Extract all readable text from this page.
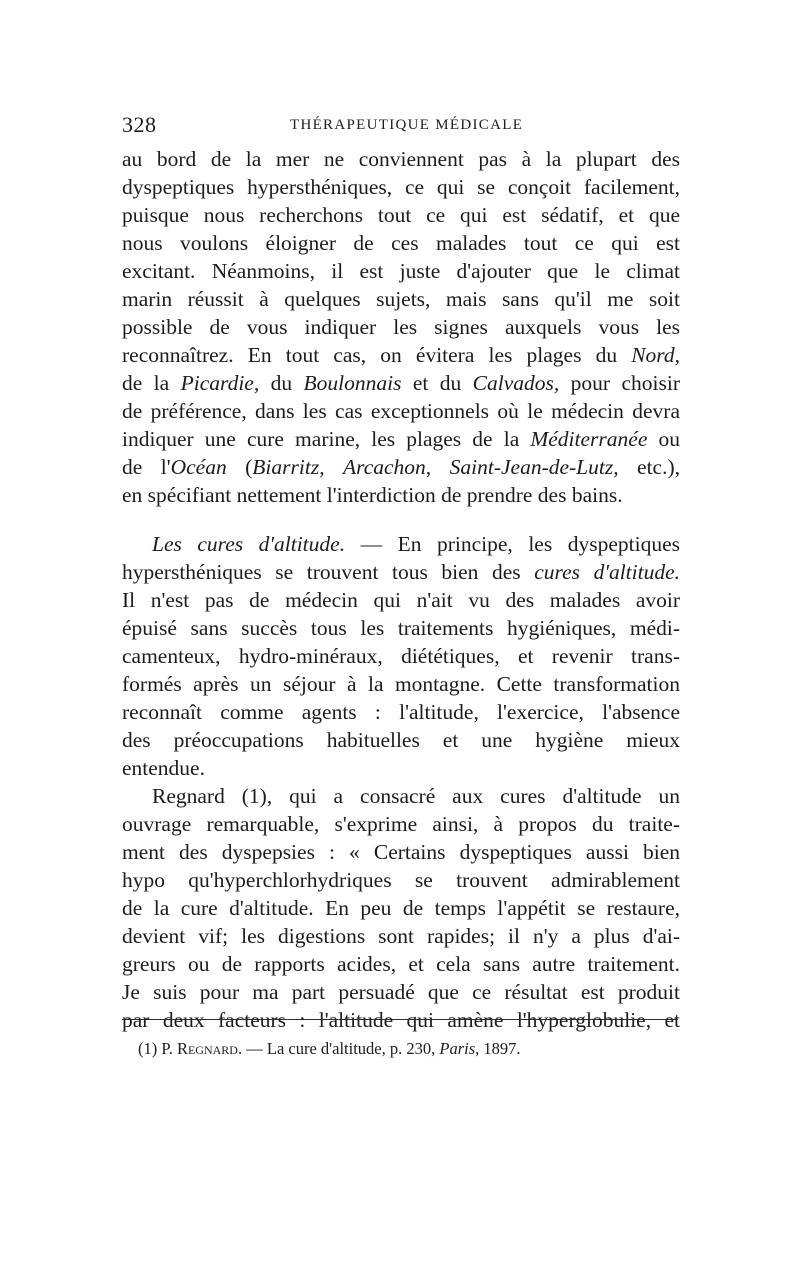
328	THÉRAPEUTIQUE MÉDICALE
au bord de la mer ne conviennent pas à la plupart des
dyspeptiques hypersthéniques, ce qui se conçoit facilement,
puisque nous recherchons tout ce qui est sédatif, et que
nous voulons éloigner de ces malades tout ce qui est
excitant. Néanmoins, il est juste d'ajouter que le climat
marin réussit à quelques sujets, mais sans qu'il me soit
possible de vous indiquer les signes auxquels vous les
reconnaîtrez. En tout cas, on évitera les plages du Nord,
de la Picardie, du Boulonnais et du Calvados, pour choisir
de préférence, dans les cas exceptionnels où le médecin devra
indiquer une cure marine, les plages de la Méditerranée ou
de l'Océan (Biarritz, Arcachon, Saint-Jean-de-Lutz, etc.),
en spécifiant nettement l'interdiction de prendre des bains.
Les cures d'altitude. — En principe, les dyspeptiques
hypersthéniques se trouvent tous bien des cures d'altitude.
Il n'est pas de médecin qui n'ait vu des malades avoir
épuisé sans succès tous les traitements hygiéniques, médi-
camenteux, hydro-minéraux, diététiques, et revenir trans-
formés après un séjour à la montagne. Cette transformation
reconnaît comme agents : l'altitude, l'exercice, l'absence
des préoccupations habituelles et une hygiène mieux
entendue.
Regnard (1), qui a consacré aux cures d'altitude un
ouvrage remarquable, s'exprime ainsi, à propos du traite-
ment des dyspepsies : « Certains dyspeptiques aussi bien
hypo qu'hyperchlorhydriques se trouvent admirablement
de la cure d'altitude. En peu de temps l'appétit se restaure,
devient vif; les digestions sont rapides; il n'y a plus d'ai-
greurs ou de rapports acides, et cela sans autre traitement.
Je suis pour ma part persuadé que ce résultat est produit
par deux facteurs : l'altitude qui amène l'hyperglobulie, et
(1) P. Regnard. — La cure d'altitude, p. 230, Paris, 1897.
